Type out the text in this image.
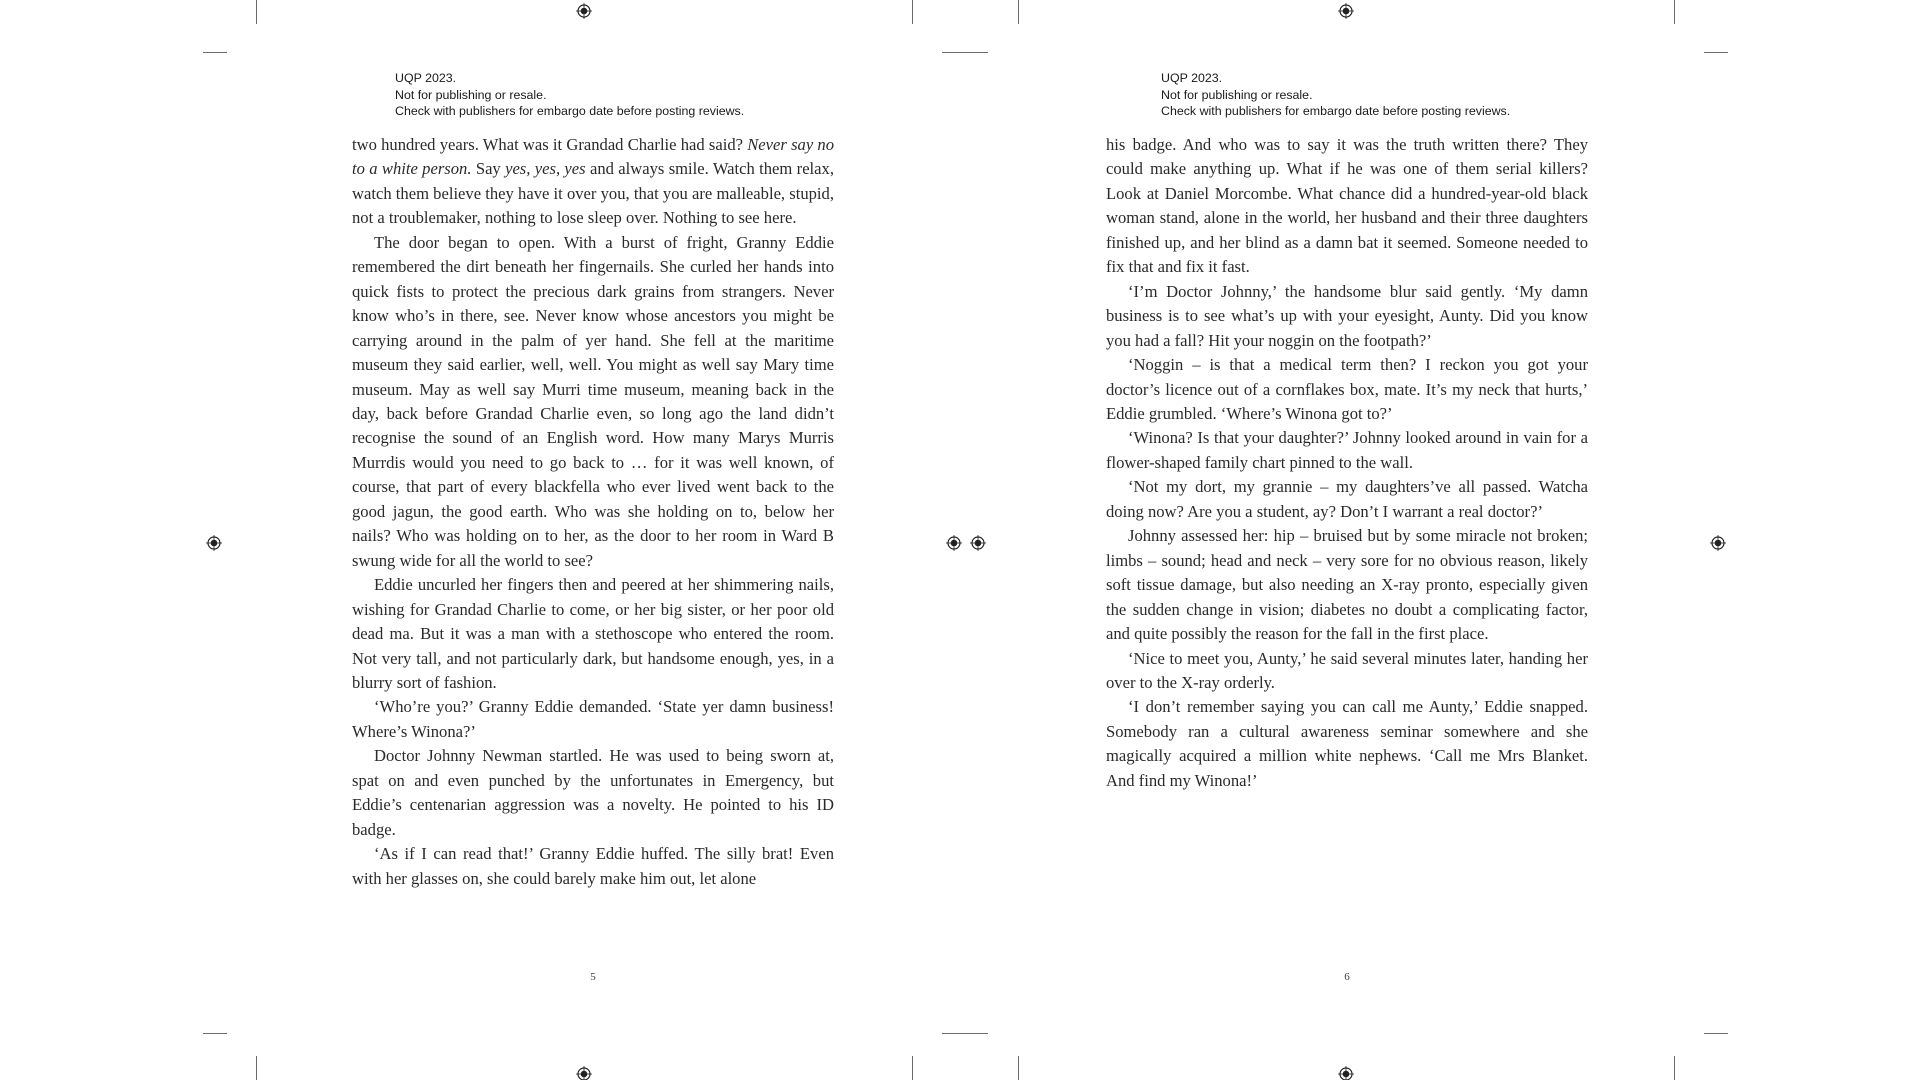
UQP 2023.
Not for publishing or resale.
Check with publishers for embargo date before posting reviews.
UQP 2023.
Not for publishing or resale.
Check with publishers for embargo date before posting reviews.

two hundred years. What was it Grandad Charlie had said? Never say no to a white person. Say yes, yes, yes and always smile. Watch them relax, watch them believe they have it over you, that you are malleable, stupid, not a troublemaker, nothing to lose sleep over. Nothing to see here.

The door began to open. With a burst of fright, Granny Eddie remembered the dirt beneath her fingernails. She curled her hands into quick fists to protect the precious dark grains from strangers. Never know who’s in there, see. Never know whose ancestors you might be carrying around in the palm of yer hand. She fell at the maritime museum they said earlier, well, well. You might as well say Mary time museum. May as well say Murri time museum, meaning back in the day, back before Grandad Charlie even, so long ago the land didn’t recognise the sound of an English word. How many Marys Murris Murrdis would you need to go back to … for it was well known, of course, that part of every blackfella who ever lived went back to the good jagun, the good earth. Who was she holding on to, below her nails? Who was holding on to her, as the door to her room in Ward B swung wide for all the world to see?

Eddie uncurled her fingers then and peered at her shimmering nails, wishing for Grandad Charlie to come, or her big sister, or her poor old dead ma. But it was a man with a stethoscope who entered the room. Not very tall, and not particularly dark, but handsome enough, yes, in a blurry sort of fashion.

‘Who’re you?’ Granny Eddie demanded. ‘State yer damn business! Where’s Winona?’

Doctor Johnny Newman startled. He was used to being sworn at, spat on and even punched by the unfortunates in Emergency, but Eddie’s centenarian aggression was a novelty. He pointed to his ID badge.

‘As if I can read that!’ Granny Eddie huffed. The silly brat! Even with her glasses on, she could barely make him out, let alone

his badge. And who was to say it was the truth written there? They could make anything up. What if he was one of them serial killers? Look at Daniel Morcombe. What chance did a hundred-year-old black woman stand, alone in the world, her husband and their three daughters finished up, and her blind as a damn bat it seemed. Someone needed to fix that and fix it fast.

‘I’m Doctor Johnny,’ the handsome blur said gently. ‘My damn business is to see what’s up with your eyesight, Aunty. Did you know you had a fall? Hit your noggin on the footpath?’

‘Noggin – is that a medical term then? I reckon you got your doctor’s licence out of a cornflakes box, mate. It’s my neck that hurts,’ Eddie grumbled. ‘Where’s Winona got to?’

‘Winona? Is that your daughter?’ Johnny looked around in vain for a flower-shaped family chart pinned to the wall.

‘Not my dort, my grannie – my daughters’ve all passed. Watcha doing now? Are you a student, ay? Don’t I warrant a real doctor?’

Johnny assessed her: hip – bruised but by some miracle not broken; limbs – sound; head and neck – very sore for no obvious reason, likely soft tissue damage, but also needing an X-ray pronto, especially given the sudden change in vision; diabetes no doubt a complicating factor, and quite possibly the reason for the fall in the first place.

‘Nice to meet you, Aunty,’ he said several minutes later, handing her over to the X-ray orderly.

‘I don’t remember saying you can call me Aunty,’ Eddie snapped. Somebody ran a cultural awareness seminar somewhere and she magically acquired a million white nephews. ‘Call me Mrs Blanket. And find my Winona!’

5	6
